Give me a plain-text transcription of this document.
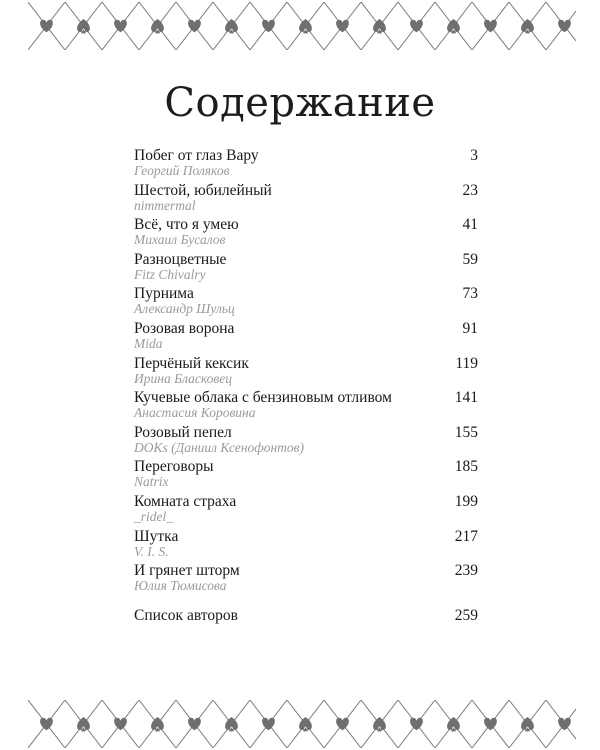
Содержание
Побег от глаз Вару
Георгий Поляков
3
Шестой, юбилейный
nimmermal
23
Всё, что я умею
Михаил Бусалов
41
Разноцветные
Fitz Chivalry
59
Пурнима
Александр Шульц
73
Розовая ворона
Mida
91
Перчёный кексик
Ирина Бласковец
119
Кучевые облака с бензиновым отливом
Анастасия Коровина
141
Розовый пепел
DOKs (Даниил Ксенофонтов)
155
Переговоры
Natrix
185
Комната страха
_ridel_
199
Шутка
V. I. S.
217
И грянет шторм
Юлия Тюмисова
239
Список авторов	259
